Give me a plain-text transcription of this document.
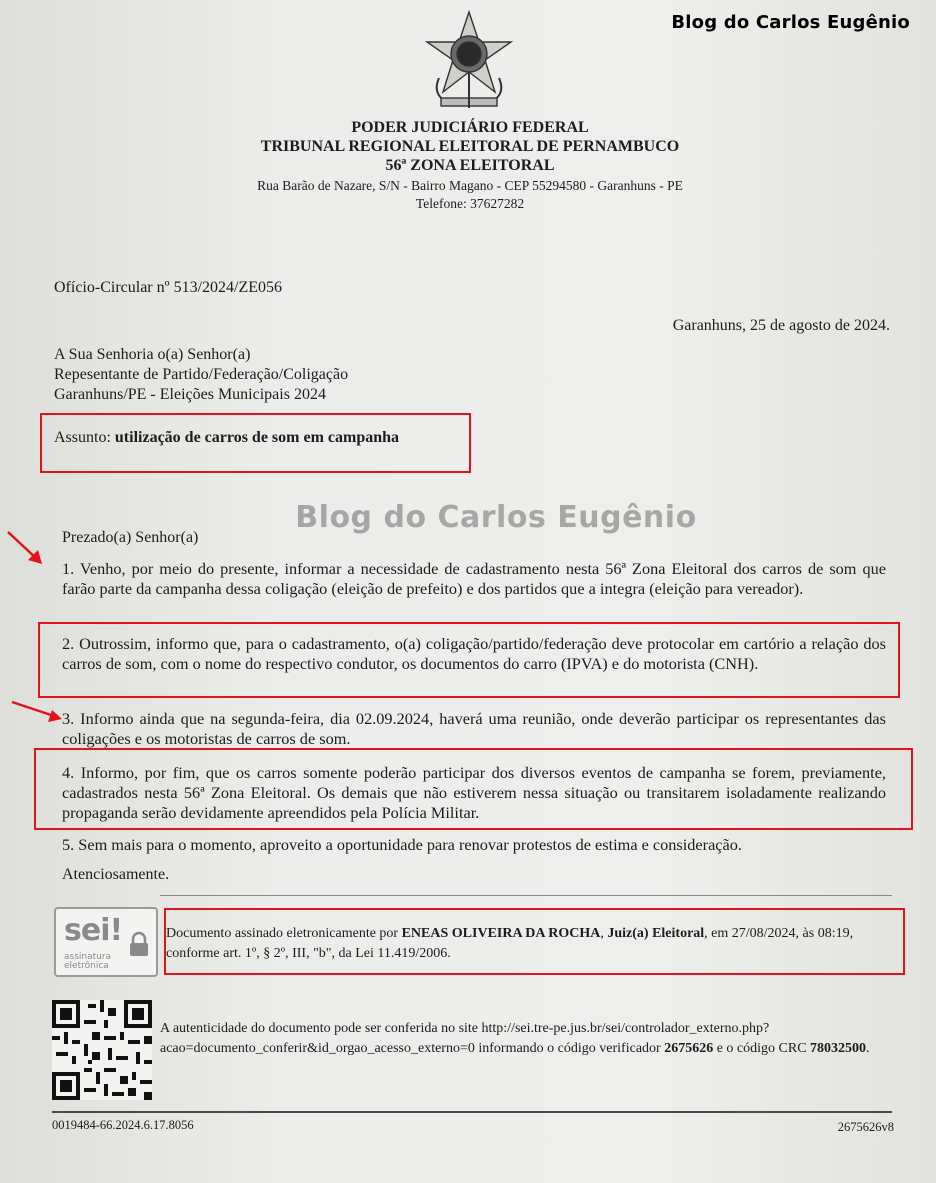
Blog do Carlos Eugênio
PODER JUDICIÁRIO FEDERAL
TRIBUNAL REGIONAL ELEITORAL DE PERNAMBUCO
56ª ZONA ELEITORAL
Rua Barão de Nazare, S/N - Bairro Magano - CEP 55294580 - Garanhuns - PE
Telefone: 37627282
Ofício-Circular nº 513/2024/ZE056
Garanhuns, 25 de agosto de 2024.
A Sua Senhoria o(a) Senhor(a)
Repesentante de Partido/Federação/Coligação
Garanhuns/PE - Eleições Municipais 2024
Assunto: utilização de carros de som em campanha
Blog do Carlos Eugênio
Prezado(a) Senhor(a)
1. Venho, por meio do presente, informar a necessidade de cadastramento nesta 56ª Zona Eleitoral dos carros de som que farão parte da campanha dessa coligação (eleição de prefeito) e dos partidos que a integra (eleição para vereador).
2. Outrossim, informo que, para o cadastramento, o(a) coligação/partido/federação deve protocolar em cartório a relação dos carros de som, com o nome do respectivo condutor, os documentos do carro (IPVA) e do motorista (CNH).
3. Informo ainda que na segunda-feira, dia 02.09.2024, haverá uma reunião, onde deverão participar os representantes das coligações e os motoristas de carros de som.
4. Informo, por fim, que os carros somente poderão participar dos diversos eventos de campanha se forem, previamente, cadastrados nesta 56ª Zona Eleitoral. Os demais que não estiverem nessa situação ou transitarem isoladamente realizando propaganda serão devidamente apreendidos pela Polícia Militar.
5. Sem mais para o momento, aproveito a oportunidade para renovar protestos de estima e consideração.
Atenciosamente.
sei!
assinatura
eletrônica
Documento assinado eletronicamente por ENEAS OLIVEIRA DA ROCHA, Juiz(a) Eleitoral, em 27/08/2024, às 08:19, conforme art. 1º, § 2º, III, "b", da Lei 11.419/2006.
A autenticidade do documento pode ser conferida no site http://sei.tre-pe.jus.br/sei/controlador_externo.php?acao=documento_conferir&id_orgao_acesso_externo=0 informando o código verificador 2675626 e o código CRC 78032500.
0019484-66.2024.6.17.8056	2675626v8
